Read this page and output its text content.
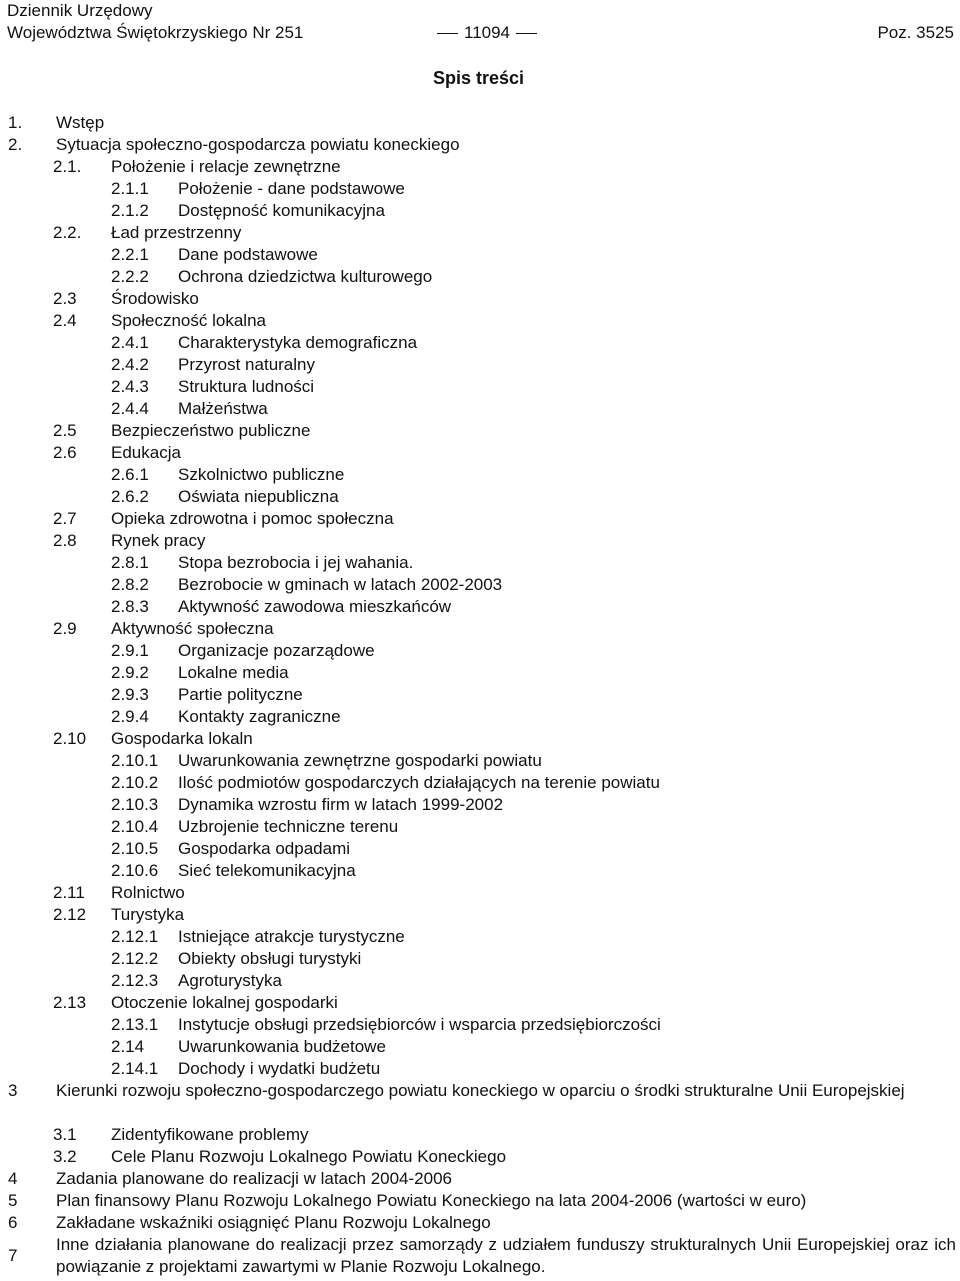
Dziennik Urzędowy
Województwa Świętokrzyskiego Nr 251	Poz. 3525
11094
Spis treści
1. Wstęp
2. Sytuacja społeczno-gospodarcza powiatu koneckiego
2.1. Położenie i relacje zewnętrzne
2.1.1 Położenie - dane podstawowe
2.1.2 Dostępność komunikacyjna
2.2. Ład przestrzenny
2.2.1 Dane podstawowe
2.2.2 Ochrona dziedzictwa kulturowego
2.3 Środowisko
2.4 Społeczność lokalna
2.4.1 Charakterystyka demograficzna
2.4.2 Przyrost naturalny
2.4.3 Struktura ludności
2.4.4 Małżeństwa
2.5 Bezpieczeństwo publiczne
2.6 Edukacja
2.6.1 Szkolnictwo publiczne
2.6.2 Oświata niepubliczna
2.7 Opieka zdrowotna i pomoc społeczna
2.8 Rynek pracy
2.8.1 Stopa bezrobocia i jej wahania.
2.8.2 Bezrobocie w gminach w latach 2002-2003
2.8.3 Aktywność zawodowa mieszkańców
2.9 Aktywność społeczna
2.9.1 Organizacje pozarządowe
2.9.2 Lokalne media
2.9.3 Partie polityczne
2.9.4 Kontakty zagraniczne
2.10 Gospodarka lokaln
2.10.1 Uwarunkowania zewnętrzne gospodarki powiatu
2.10.2 Ilość podmiotów gospodarczych działających na terenie powiatu
2.10.3 Dynamika wzrostu firm w latach 1999-2002
2.10.4 Uzbrojenie techniczne terenu
2.10.5 Gospodarka odpadami
2.10.6 Sieć telekomunikacyjna
2.11 Rolnictwo
2.12 Turystyka
2.12.1 Istniejące atrakcje turystyczne
2.12.2 Obiekty obsługi turystyki
2.12.3 Agroturystyka
2.13 Otoczenie lokalnej gospodarki
2.13.1 Instytucje obsługi przedsiębiorców i wsparcia przedsiębiorczości
2.14 Uwarunkowania budżetowe
2.14.1 Dochody i wydatki budżetu
3 Kierunki rozwoju społeczno-gospodarczego powiatu koneckiego w oparciu o środki strukturalne Unii Europejskiej
3.1 Zidentyfikowane problemy
3.2 Cele Planu Rozwoju Lokalnego Powiatu Koneckiego
4 Zadania planowane do realizacji w latach 2004-2006
5 Plan finansowy Planu Rozwoju Lokalnego Powiatu Koneckiego na lata 2004-2006 (wartości w euro)
6 Zakładane wskaźniki osiągnięć Planu Rozwoju Lokalnego
7
Inne działania planowane do realizacji przez samorządy z udziałem funduszy strukturalnych Unii Europejskiej oraz ich powiązanie z projektami zawartymi w Planie Rozwoju Lokalnego.
